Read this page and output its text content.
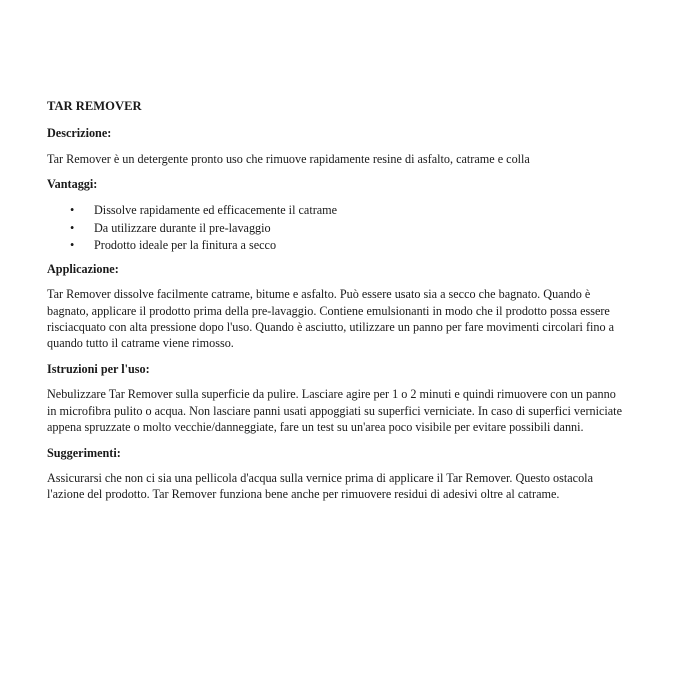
TAR REMOVER
Descrizione:
Tar Remover è un detergente pronto uso che rimuove rapidamente resine di asfalto, catrame e colla
Vantaggi:
• Dissolve rapidamente ed efficacemente il catrame
• Da utilizzare durante il pre-lavaggio
• Prodotto ideale per la finitura a secco
Applicazione:
Tar Remover dissolve facilmente catrame, bitume e asfalto. Può essere usato sia a secco che bagnato. Quando è
bagnato, applicare il prodotto prima della pre-lavaggio. Contiene emulsionanti in modo che il prodotto possa essere
risciacquato con alta pressione dopo l'uso. Quando è asciutto, utilizzare un panno per fare movimenti circolari fino a
quando tutto il catrame viene rimosso.
Istruzioni per l'uso:
Nebulizzare Tar Remover sulla superficie da pulire. Lasciare agire per 1 o 2 minuti e quindi rimuovere con un panno
in microfibra pulito o acqua. Non lasciare panni usati appoggiati su superfici verniciate. In caso di superfici verniciate
appena spruzzate o molto vecchie/danneggiate, fare un test su un'area poco visibile per evitare possibili danni.
Suggerimenti:
Assicurarsi che non ci sia una pellicola d'acqua sulla vernice prima di applicare il Tar Remover. Questo ostacola
l'azione del prodotto. Tar Remover funziona bene anche per rimuovere residui di adesivi oltre al catrame.
